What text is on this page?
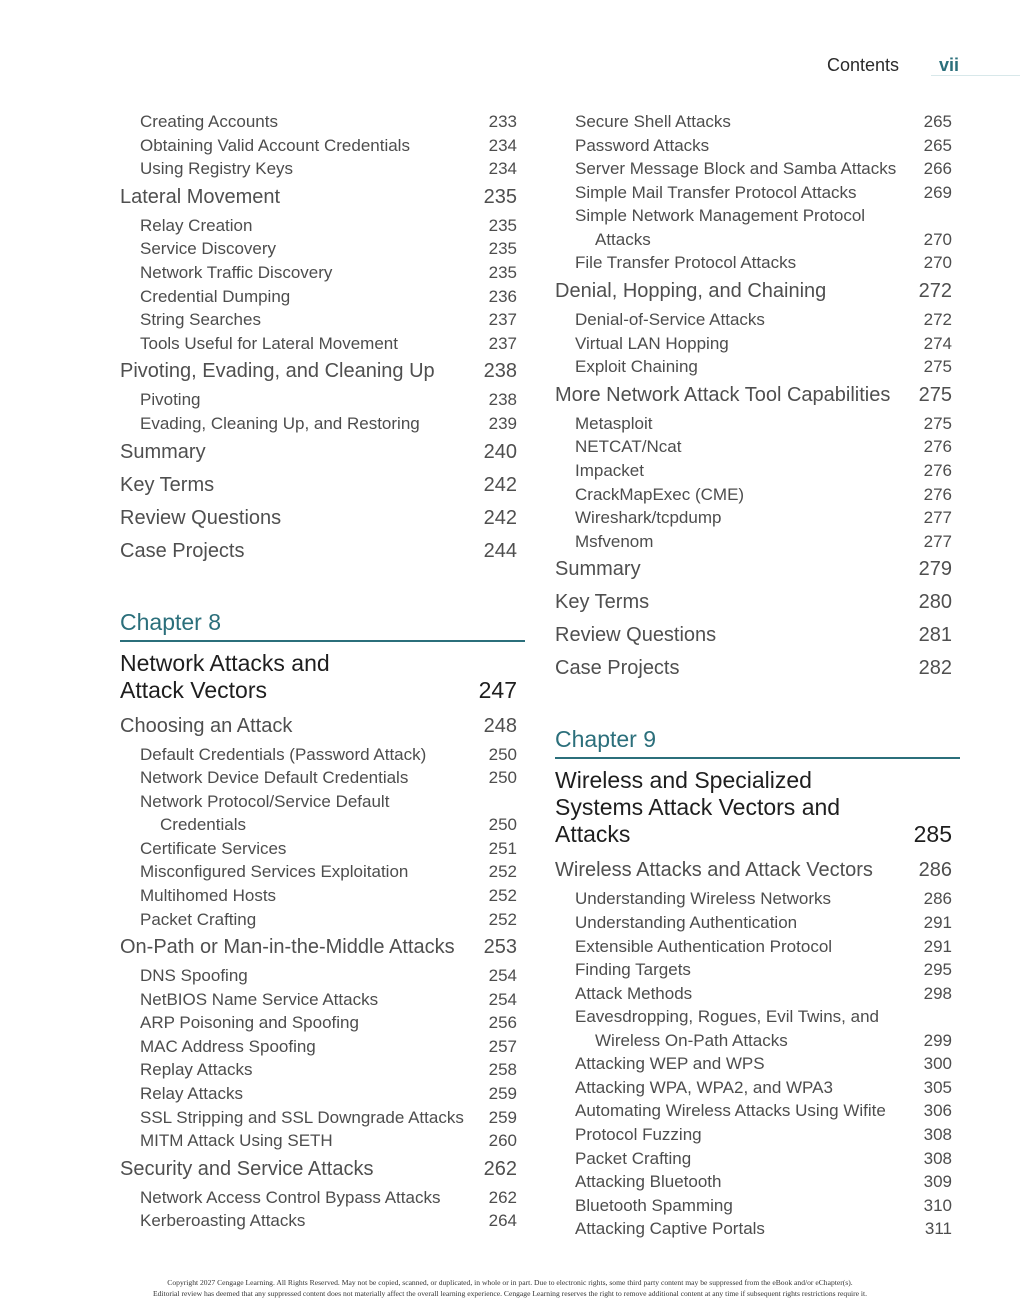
Contents vii
Creating Accounts	233
Obtaining Valid Account Credentials	234
Using Registry Keys	234
Lateral Movement	235
Relay Creation	235
Service Discovery	235
Network Traffic Discovery	235
Credential Dumping	236
String Searches	237
Tools Useful for Lateral Movement	237
Pivoting, Evading, and Cleaning Up	238
Pivoting	238
Evading, Cleaning Up, and Restoring	239
Summary	240
Key Terms	242
Review Questions	242
Case Projects	244
Chapter 8
Network Attacks and
Attack Vectors	247
Choosing an Attack	248
Default Credentials (Password Attack)	250
Network Device Default Credentials	250
Network Protocol/Service Default
Credentials	250
Certificate Services	251
Misconfigured Services Exploitation	252
Multihomed Hosts	252
Packet Crafting	252
On-Path or Man-in-the-Middle Attacks	253
DNS Spoofing	254
NetBIOS Name Service Attacks	254
ARP Poisoning and Spoofing	256
MAC Address Spoofing	257
Replay Attacks	258
Relay Attacks	259
SSL Stripping and SSL Downgrade Attacks	259
MITM Attack Using SETH	260
Security and Service Attacks	262
Network Access Control Bypass Attacks	262
Kerberoasting Attacks	264
Secure Shell Attacks	265
Password Attacks	265
Server Message Block and Samba Attacks	266
Simple Mail Transfer Protocol Attacks	269
Simple Network Management Protocol
Attacks	270
File Transfer Protocol Attacks	270
Denial, Hopping, and Chaining	272
Denial-of-Service Attacks	272
Virtual LAN Hopping	274
Exploit Chaining	275
More Network Attack Tool Capabilities	275
Metasploit	275
NETCAT/Ncat	276
Impacket	276
CrackMapExec (CME)	276
Wireshark/tcpdump	277
Msfvenom	277
Summary	279
Key Terms	280
Review Questions	281
Case Projects	282
Chapter 9
Wireless and Specialized
Systems Attack Vectors and
Attacks	285
Wireless Attacks and Attack Vectors	286
Understanding Wireless Networks	286
Understanding Authentication	291
Extensible Authentication Protocol	291
Finding Targets	295
Attack Methods	298
Eavesdropping, Rogues, Evil Twins, and
Wireless On-Path Attacks	299
Attacking WEP and WPS	300
Attacking WPA, WPA2, and WPA3	305
Automating Wireless Attacks Using Wifite	306
Protocol Fuzzing	308
Packet Crafting	308
Attacking Bluetooth	309
Bluetooth Spamming	310
Attacking Captive Portals	311
Copyright 2027 Cengage Learning. All Rights Reserved. May not be copied, scanned, or duplicated, in whole or in part. Due to electronic rights, some third party content may be suppressed from the eBook and/or eChapter(s).
Editorial review has deemed that any suppressed content does not materially affect the overall learning experience. Cengage Learning reserves the right to remove additional content at any time if subsequent rights restrictions require it.
